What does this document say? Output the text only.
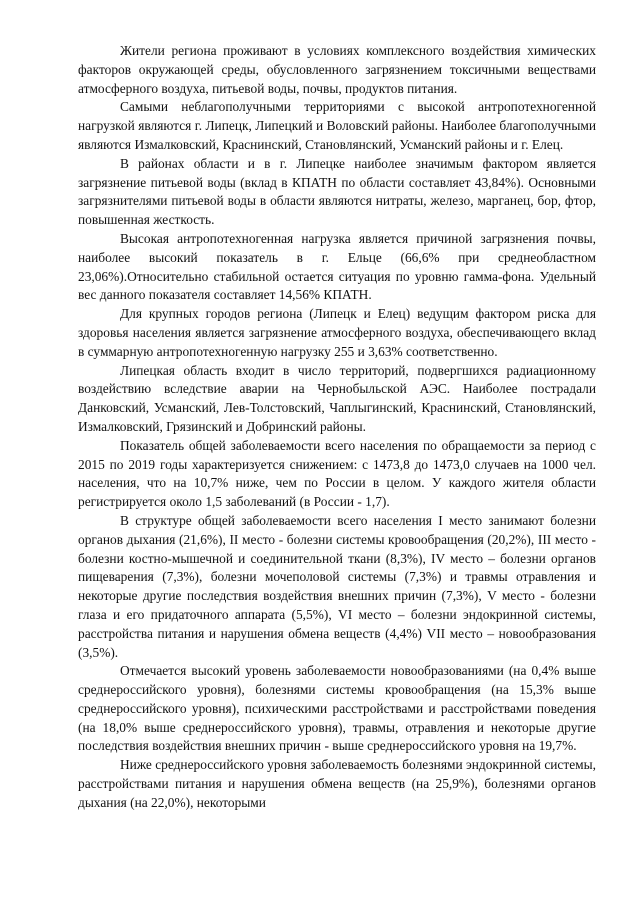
Жители региона проживают в условиях комплексного воздействия химических факторов окружающей среды, обусловленного загрязнением токсичными веществами атмосферного воздуха, питьевой воды, почвы, продуктов питания.

Самыми неблагополучными территориями с высокой антропотехногенной нагрузкой являются г. Липецк, Липецкий и Воловский районы. Наиболее благополучными являются Измалковский, Краснинский, Становлянский, Усманский районы и г. Елец.

В районах области и в г. Липецке наиболее значимым фактором является загрязнение питьевой воды (вклад в КПАТН по области составляет 43,84%). Основными загрязнителями питьевой воды в области являются нитраты, железо, марганец, бор, фтор, повышенная жесткость.

Высокая антропотехногенная нагрузка является причиной загрязнения почвы, наиболее высокий показатель в г. Ельце (66,6% при среднеобластном 23,06%).Относительно стабильной остается ситуация по уровню гамма-фона. Удельный вес данного показателя составляет 14,56% КПАТН.

Для крупных городов региона (Липецк и Елец) ведущим фактором риска для здоровья населения является загрязнение атмосферного воздуха, обеспечивающего вклад в суммарную антропотехногенную нагрузку 255 и 3,63% соответственно.

Липецкая область входит в число территорий, подвергшихся радиационному воздействию вследствие аварии на Чернобыльской АЭС. Наиболее пострадали Данковский, Усманский, Лев-Толстовский, Чаплыгинский, Краснинский, Становлянский, Измалковский, Грязинский и Добринский районы.

Показатель общей заболеваемости всего населения по обращаемости за период с 2015 по 2019 годы характеризуется снижением: с 1473,8 до 1473,0 случаев на 1000 чел. населения, что на 10,7% ниже, чем по России в целом. У каждого жителя области регистрируется около 1,5 заболеваний (в России - 1,7).

В структуре общей заболеваемости всего населения I место занимают болезни органов дыхания (21,6%), II место - болезни системы кровообращения (20,2%), III место - болезни костно-мышечной и соединительной ткани (8,3%), IV место – болезни органов пищеварения (7,3%), болезни мочеполовой системы (7,3%) и травмы отравления и некоторые другие последствия воздействия внешних причин (7,3%), V место - болезни глаза и его придаточного аппарата (5,5%), VI место – болезни эндокринной системы, расстройства питания и нарушения обмена веществ (4,4%) VII место – новообразования (3,5%).

Отмечается высокий уровень заболеваемости новообразованиями (на 0,4% выше среднероссийского уровня), болезнями системы кровообращения (на 15,3% выше среднероссийского уровня), психическими расстройствами и расстройствами поведения (на 18,0% выше среднероссийского уровня), травмы, отравления и некоторые другие последствия воздействия внешних причин - выше среднероссийского уровня на 19,7%.

Ниже среднероссийского уровня заболеваемость болезнями эндокринной системы, расстройствами питания и нарушения обмена веществ (на 25,9%), болезнями органов дыхания (на 22,0%), некоторыми
